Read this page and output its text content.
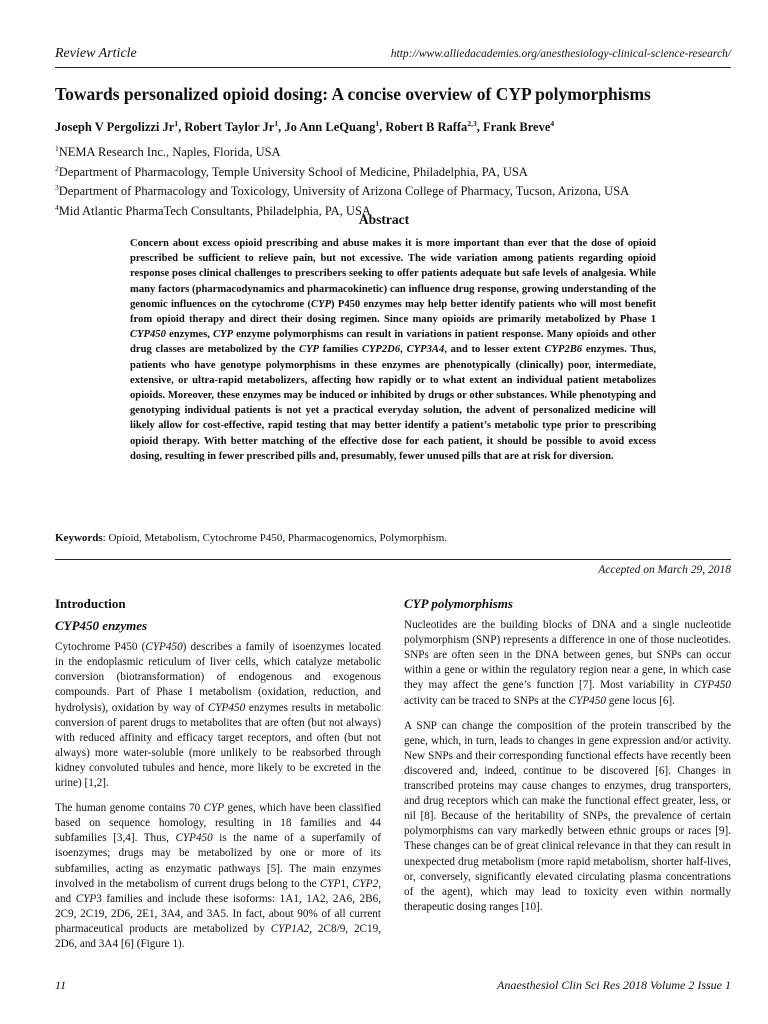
Review Article	http://www.alliedacademies.org/anesthesiology-clinical-science-research/
Towards personalized opioid dosing: A concise overview of CYP polymorphisms
Joseph V Pergolizzi Jr$^1$, Robert Taylor Jr$^1$, Jo Ann LeQuang$^1$, Robert B Raffa$^{2,3}$, Frank Breve$^4$
$^1$NEMA Research Inc., Naples, Florida, USA
$^2$Department of Pharmacology, Temple University School of Medicine, Philadelphia, PA, USA
$^3$Department of Pharmacology and Toxicology, University of Arizona College of Pharmacy, Tucson, Arizona, USA
$^4$Mid Atlantic PharmaTech Consultants, Philadelphia, PA, USA
Abstract
Concern about excess opioid prescribing and abuse makes it is more important than ever that the dose of opioid prescribed be sufficient to relieve pain, but not excessive. The wide variation among patients regarding opioid response poses clinical challenges to prescribers seeking to offer patients adequate but safe levels of analgesia. While many factors (pharmacodynamics and pharmacokinetic) can influence drug response, growing understanding of the genomic influences on the cytochrome (CYP) P450 enzymes may help better identify patients who will most benefit from opioid therapy and direct their dosing regimen. Since many opioids are primarily metabolized by Phase 1 CYP450 enzymes, CYP enzyme polymorphisms can result in variations in patient response. Many opioids and other drug classes are metabolized by the CYP families CYP2D6, CYP3A4, and to lesser extent CYP2B6 enzymes. Thus, patients who have genotype polymorphisms in these enzymes are phenotypically (clinically) poor, intermediate, extensive, or ultra-rapid metabolizers, affecting how rapidly or to what extent an individual patient metabolizes opioids. Moreover, these enzymes may be induced or inhibited by drugs or other substances. While phenotyping and genotyping individual patients is not yet a practical everyday solution, the advent of personalized medicine will likely allow for cost-effective, rapid testing that may better identify a patient’s metabolic type prior to prescribing opioid therapy. With better matching of the effective dose for each patient, it should be possible to avoid excess dosing, resulting in fewer prescribed pills and, presumably, fewer unused pills that are at risk for diversion.
Keywords: Opioid, Metabolism, Cytochrome P450, Pharmacogenomics, Polymorphism.
Accepted on March 29, 2018
Introduction
CYP450 enzymes

Cytochrome P450 (CYP450) describes a family of isoenzymes located in the endoplasmic reticulum of liver cells, which catalyze metabolic conversion (biotransformation) of endogenous and exogenous compounds. Part of Phase I metabolism (oxidation, reduction, and hydrolysis), oxidation by way of CYP450 enzymes results in metabolic conversion of parent drugs to metabolites that are often (but not always) with reduced affinity and efficacy target receptors, and often (but not always) more water-soluble (more unlikely to be reabsorbed through kidney convoluted tubules and hence, more likely to be excreted in the urine) [1,2].

The human genome contains 70 CYP genes, which have been classified based on sequence homology, resulting in 18 families and 44 subfamilies [3,4]. Thus, CYP450 is the name of a superfamily of isoenzymes; drugs may be metabolized by one or more of its subfamilies, acting as enzymatic pathways [5]. The main enzymes involved in the metabolism of current drugs belong to the CYP1, CYP2, and CYP3 families and include these isoforms: 1A1, 1A2, 2A6, 2B6, 2C9, 2C19, 2D6, 2E1, 3A4, and 3A5. In fact, about 90% of all current pharmaceutical products are metabolized by CYP1A2, 2C8/9, 2C19, 2D6, and 3A4 [6] (Figure 1).

CYP polymorphisms

Nucleotides are the building blocks of DNA and a single nucleotide polymorphism (SNP) represents a difference in one of those nucleotides. SNPs are often seen in the DNA between genes, but SNPs can occur within a gene or within the regulatory region near a gene, in which case they may affect the gene’s function [7]. Most variability in CYP450 activity can be traced to SNPs at the CYP450 gene locus [6].

A SNP can change the composition of the protein transcribed by the gene, which, in turn, leads to changes in gene expression and/or activity. New SNPs and their corresponding functional effects have recently been discovered and, indeed, continue to be discovered [6]. Changes in transcribed proteins may cause changes to enzymes, drug transporters, and drug receptors which can make the functional effect greater, less, or nil [8]. Because of the heritability of SNPs, the prevalence of certain polymorphisms can vary markedly between ethnic groups or races [9]. These changes can be of great clinical relevance in that they can result in unexpected drug metabolism (more rapid metabolism, shorter half-lives, or, conversely, significantly elevated circulating plasma concentrations of the agent), which may lead to toxicity even within normally therapeutic dosing ranges [10].

11	Anaesthesiol Clin Sci Res 2018 Volume 2 Issue 1
